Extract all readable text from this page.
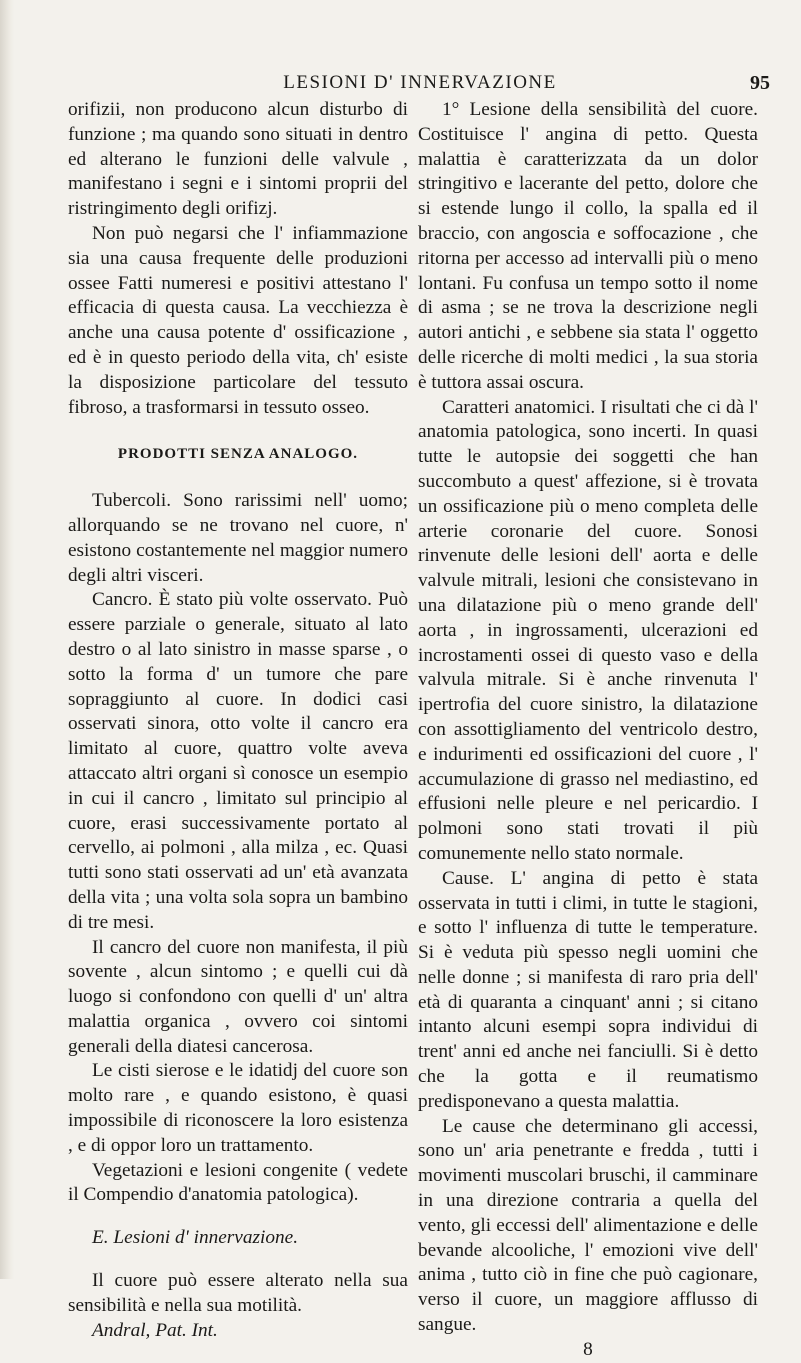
LESIONI D' INNERVAZIONE	95

orifizii, non producono alcun disturbo di funzione ; ma quando sono situati in dentro ed alterano le funzioni delle valvule , manifestano i segni e i sintomi proprii del ristringimento degli orifizj.

Non può negarsi che l' infiammazione sia una causa frequente delle produzioni ossee Fatti numeresi e positivi attestano l' efficacia di questa causa. La vecchiezza è anche una causa potente d' ossificazione , ed è in questo periodo della vita, ch' esiste la disposizione particolare del tessuto fibroso, a trasformarsi in tessuto osseo.

PRODOTTI SENZA ANALOGO.

Tubercoli. Sono rarissimi nell' uomo; allorquando se ne trovano nel cuore, n' esistono costantemente nel maggior numero degli altri visceri.

Cancro. È stato più volte osservato. Può essere parziale o generale, situato al lato destro o al lato sinistro in masse sparse , o sotto la forma d' un tumore che pare sopraggiunto al cuore. In dodici casi osservati sinora, otto volte il cancro era limitato al cuore, quattro volte aveva attaccato altri organi sì conosce un esempio in cui il cancro , limitato sul principio al cuore, erasi successivamente portato al cervello, ai polmoni , alla milza , ec. Quasi tutti sono stati osservati ad un' età avanzata della vita ; una volta sola sopra un bambino di tre mesi.

Il cancro del cuore non manifesta, il più sovente , alcun sintomo ; e quelli cui dà luogo si confondono con quelli d' un' altra malattia organica , ovvero coi sintomi generali della diatesi cancerosa.

Le cisti sierose e le idatidj del cuore son molto rare , e quando esistono, è quasi impossibile di riconoscere la loro esistenza , e di oppor loro un trattamento.

Vegetazioni e lesioni congenite ( vedete il Compendio d'anatomia patologica).

E. Lesioni d' innervazione.

Il cuore può essere alterato nella sua sensibilità e nella sua motilità.

Andral, Pat. Int.

1° Lesione della sensibilità del cuore. Costituisce l' angina di petto. Questa malattia è caratterizzata da un dolor stringitivo e lacerante del petto, dolore che si estende lungo il collo, la spalla ed il braccio, con angoscia e soffocazione , che ritorna per accesso ad intervalli più o meno lontani. Fu confusa un tempo sotto il nome di asma ; se ne trova la descrizione negli autori antichi , e sebbene sia stata l' oggetto delle ricerche di molti medici , la sua storia è tuttora assai oscura.

Caratteri anatomici. I risultati che ci dà l' anatomia patologica, sono incerti. In quasi tutte le autopsie dei soggetti che han succombuto a quest' affezione, si è trovata un ossificazione più o meno completa delle arterie coronarie del cuore. Sonosi rinvenute delle lesioni dell' aorta e delle valvule mitrali, lesioni che consistevano in una dilatazione più o meno grande dell' aorta , in ingrossamenti, ulcerazioni ed incrostamenti ossei di questo vaso e della valvula mitrale. Si è anche rinvenuta l' ipertrofia del cuore sinistro, la dilatazione con assottigliamento del ventricolo destro, e indurimenti ed ossificazioni del cuore , l' accumulazione di grasso nel mediastino, ed effusioni nelle pleure e nel pericardio. I polmoni sono stati trovati il più comunemente nello stato normale.

Cause. L' angina di petto è stata osservata in tutti i climi, in tutte le stagioni, e sotto l' influenza di tutte le temperature. Si è veduta più spesso negli uomini che nelle donne ; si manifesta di raro pria dell' età di quaranta a cinquant' anni ; si citano intanto alcuni esempi sopra individui di trent' anni ed anche nei fanciulli. Si è detto che la gotta e il reumatismo predisponevano a questa malattia.

Le cause che determinano gli accessi, sono un' aria penetrante e fredda , tutti i movimenti muscolari bruschi, il camminare in una direzione contraria a quella del vento, gli eccessi dell' alimentazione e delle bevande alcooliche, l' emozioni vive dell' anima , tutto ciò in fine che può cagionare, verso il cuore, un maggiore afflusso di sangue.

8
